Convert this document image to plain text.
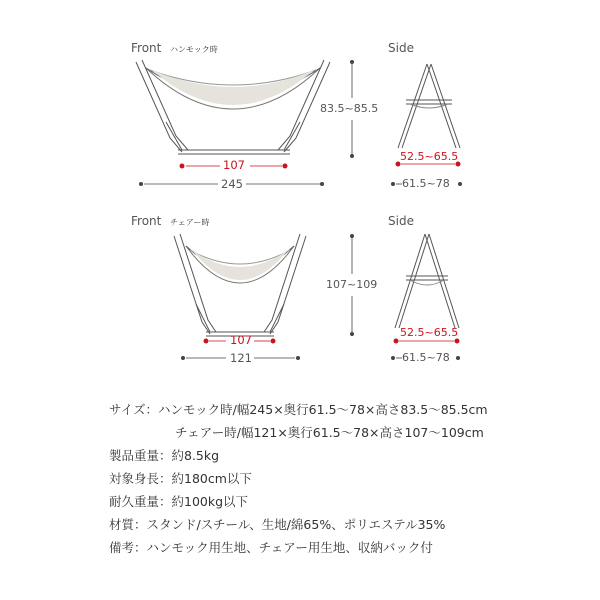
Front ハンモック時	Side
107
245
83.5~85.5
52.5~65.5
61.5~78
Front チェアー時	Side
107
121
107~109
52.5~65.5
61.5~78
サイズ：ハンモック時/幅245×奥行61.5～78×高さ83.5～85.5cm
チェアー時/幅121×奥行61.5～78×高さ107～109cm
製品重量：約8.5kg
対象身長：約180cm以下
耐久重量：約100kg以下
材質：スタンド/スチール、生地/綿65%、ポリエステル35%
備考：ハンモック用生地、チェアー用生地、収納バック付
